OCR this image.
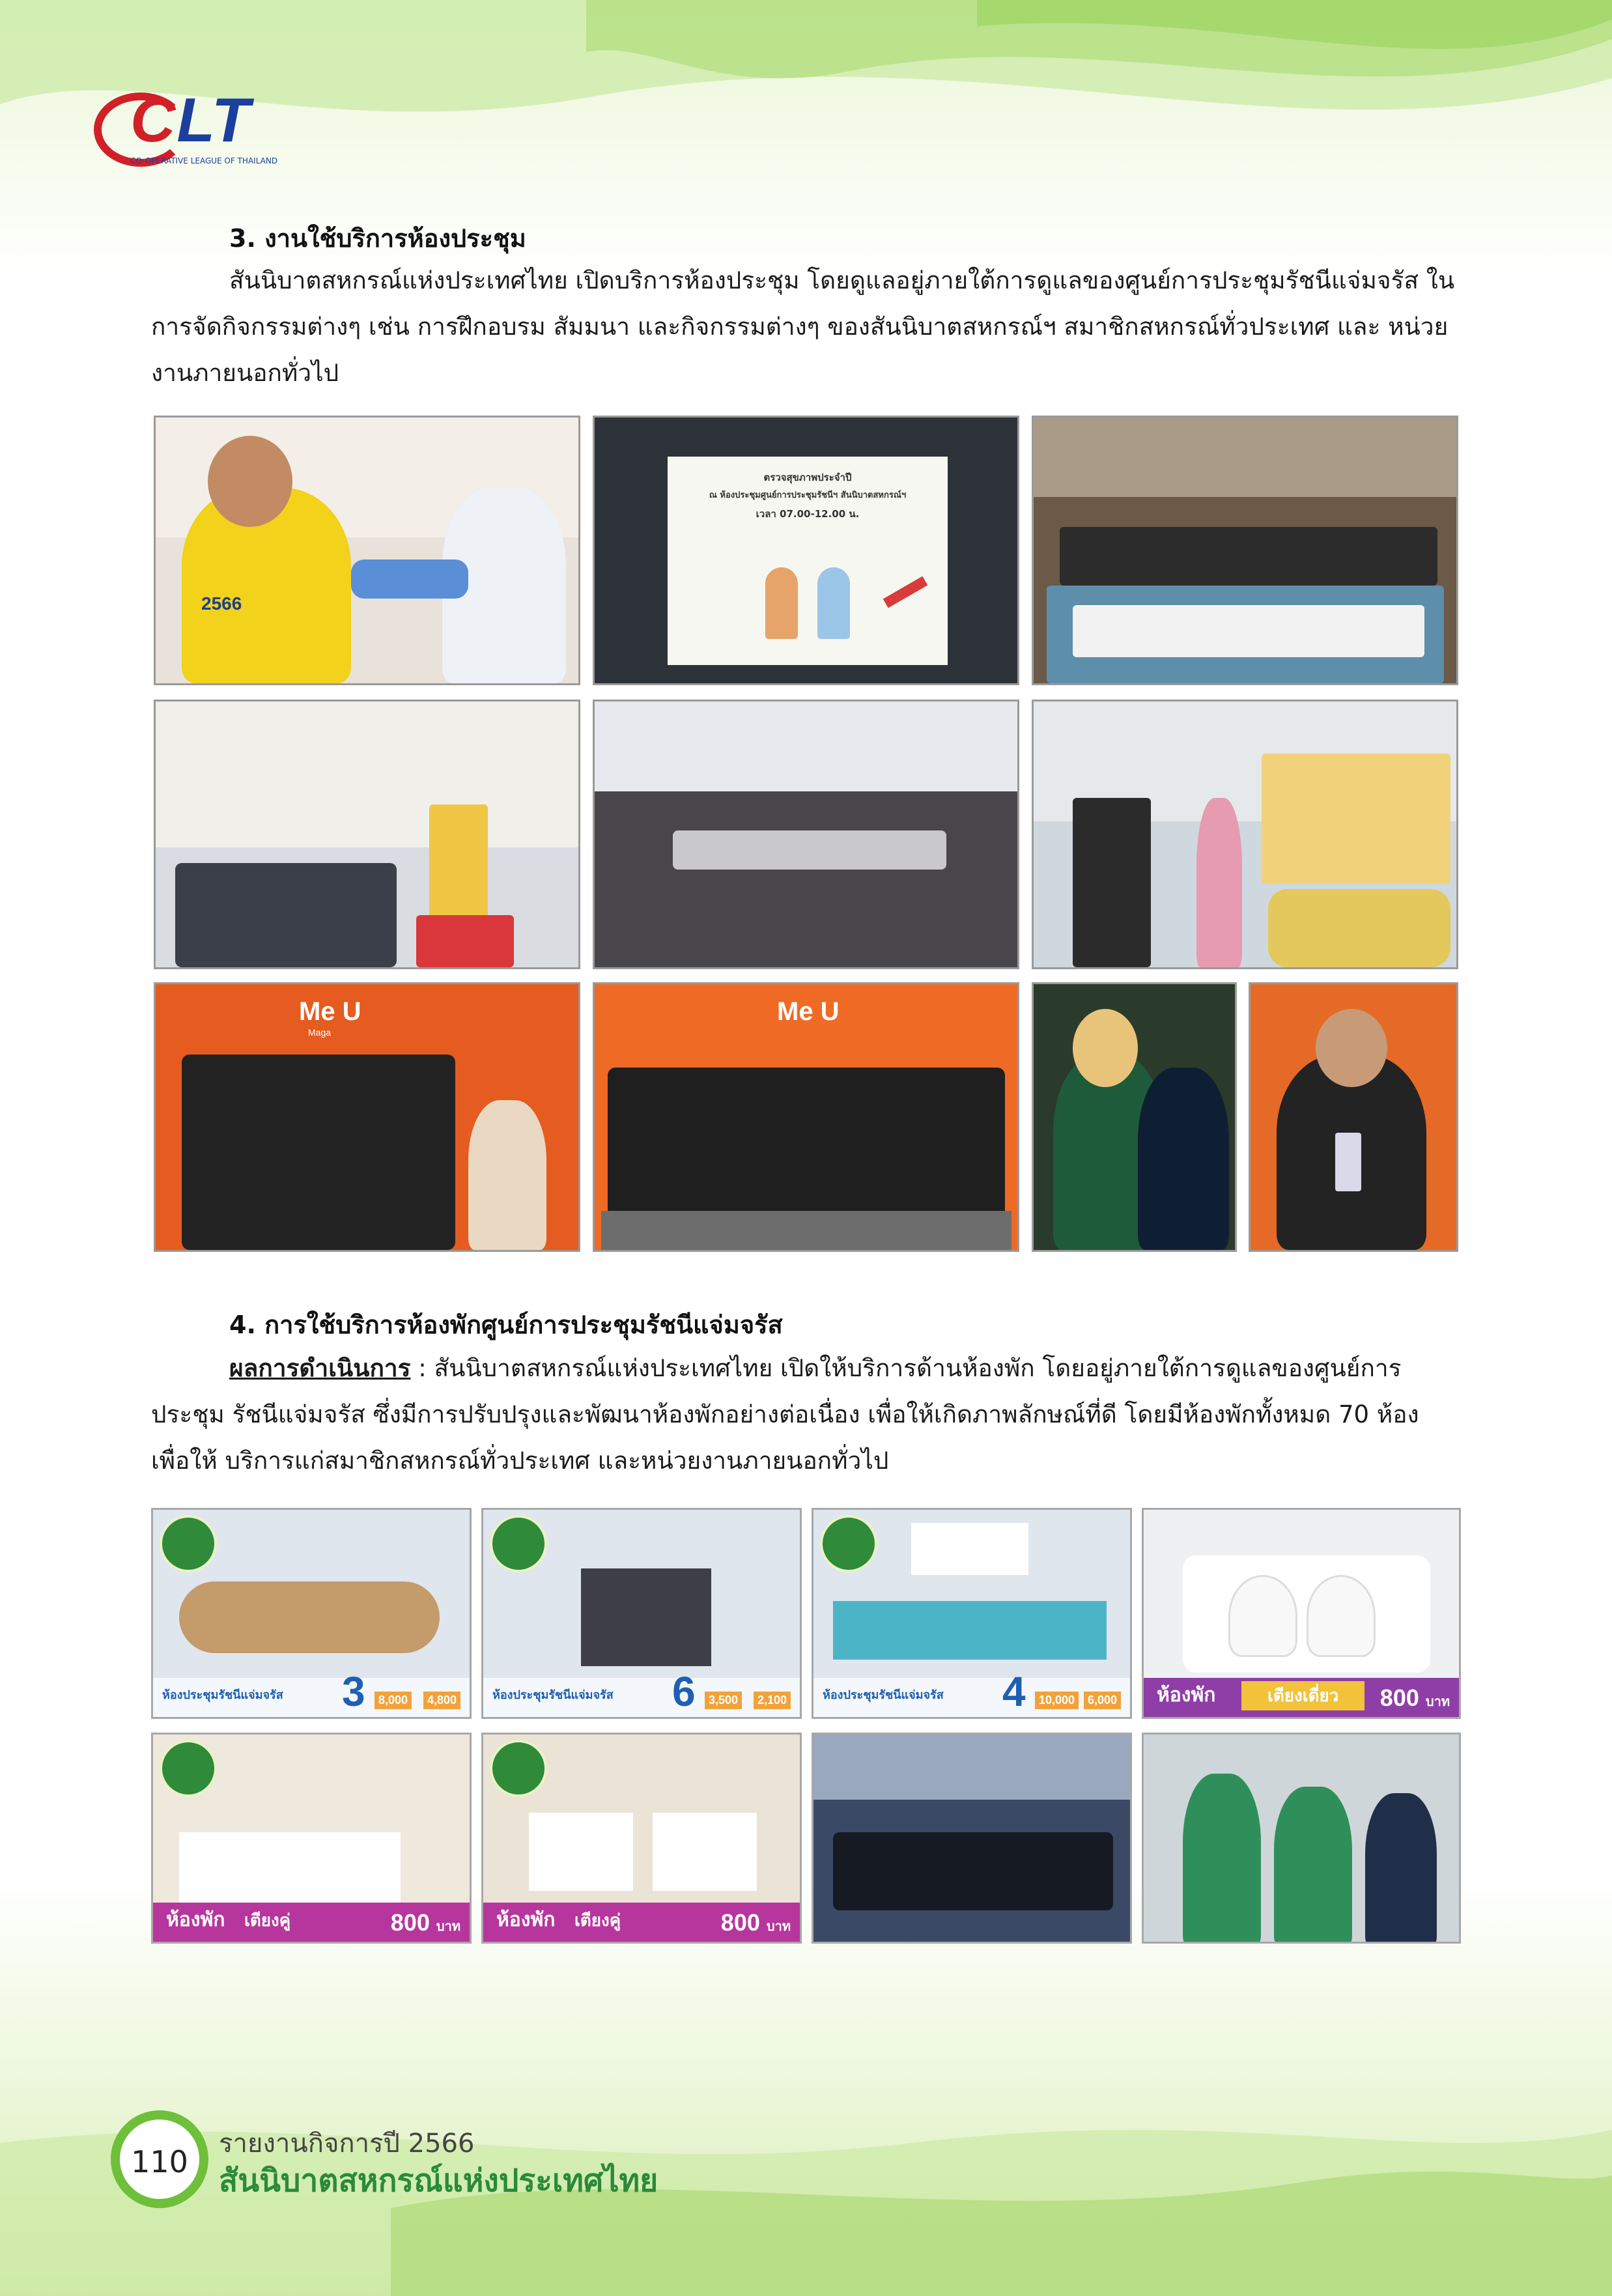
CLT
CO-OPERATIVE LEAGUE OF THAILAND
3. งานใช้บริการห้องประชุม
สันนิบาตสหกรณ์แห่งประเทศไทย เปิดบริการห้องประชุม โดยดูแลอยู่ภายใต้การดูแลของศูนย์การประชุมรัชนีแจ่มจรัส ในการจัดกิจกรรมต่างๆ เช่น การฝึกอบรม สัมมนา และกิจกรรมต่างๆ ของสันนิบาตสหกรณ์ฯ สมาชิกสหกรณ์ทั่วประเทศ และ หน่วยงานภายนอกทั่วไป
2566
ตรวจสุขภาพประจำปี
ณ ห้องประชุมศูนย์การประชุมรัชนีฯ สันนิบาตสหกรณ์ฯ
เวลา 07.00-12.00 น.
Me U
Maga
Me U
4. การใช้บริการห้องพักศูนย์การประชุมรัชนีแจ่มจรัส
ผลการดำเนินการ : สันนิบาตสหกรณ์แห่งประเทศไทย เปิดให้บริการด้านห้องพัก โดยอยู่ภายใต้การดูแลของศูนย์การประชุม รัชนีแจ่มจรัส ซึ่งมีการปรับปรุงและพัฒนาห้องพักอย่างต่อเนื่อง เพื่อให้เกิดภาพลักษณ์ที่ดี โดยมีห้องพักทั้งหมด 70 ห้อง เพื่อให้ บริการแก่สมาชิกสหกรณ์ทั่วประเทศ และหน่วยงานภายนอกทั่วไป
3
ห้องประชุมรัชนีแจ่มจรัส	8,000	4,800	6
ห้องประชุมรัชนีแจ่มจรัส	3,500	2,100	4
ห้องประชุมรัชนีแจ่มจรัส	10,000	6,000 ห้องพัก	เตียงเดี่ยว	800 บาท
ห้องพัก เตียงคู่	800 บาท ห้องพัก เตียงคู่	800 บาท
110
รายงานกิจการปี 2566
สันนิบาตสหกรณ์แห่งประเทศไทย
